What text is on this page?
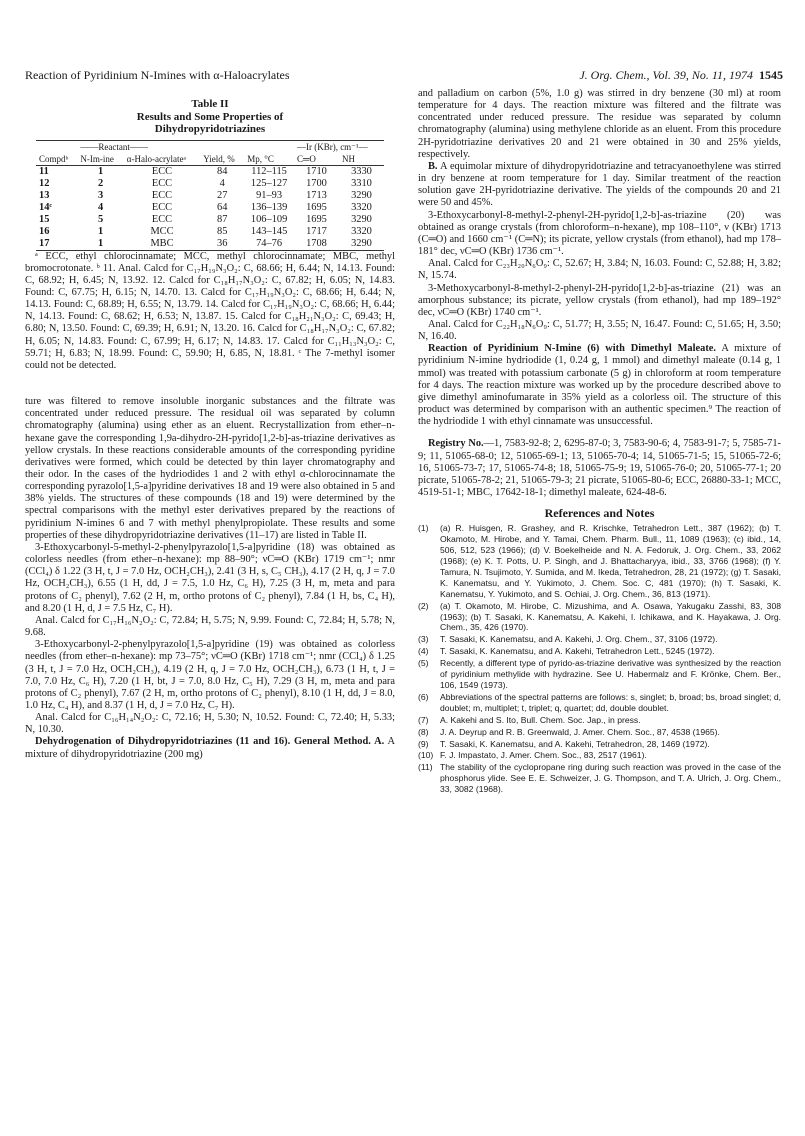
Reaction of Pyridinium N-Imines with α-Haloacrylates	J. Org. Chem., Vol. 39, No. 11, 1974 1545
Table II
Results and Some Properties of
Dihydropyridotriazines
	——Reactant——				—Ir (KBr), cm⁻¹—	
Compdᵇ	N-Im-ine	α-Halo-acrylateᵃ	Yield, %	Mp, °C	C═O	NH
11	1	ECC	84	112–115	1710	3330
12	2	ECC	4	125–127	1700	3310
13	3	ECC	27	91–93	1713	3290
14ᶜ	4	ECC	64	136–139	1695	3320
15	5	ECC	87	106–109	1695	3290
16	1	MCC	85	143–145	1717	3320
17	1	MBC	36	74–76	1708	3290

ᵃ ECC, ethyl chlorocinnamate; MCC, methyl chlorocinnamate; MBC, methyl bromocrotonate. ᵇ 11. Anal. Calcd for C₁₇H₁₉N₃O₂: C, 68.66; H, 6.44; N, 14.13. Found: C, 68.92; H, 6.45; N, 13.92. 12. Calcd for C₁₈H₁₇N₃O₂: C, 67.82; H, 6.05; N, 14.83. Found: C, 67.75; H, 6.15; N, 14.70. 13. Calcd for C₁₇H₁₉N₃O₂: C, 68.66; H, 6.44; N, 14.13. Found: C, 68.89; H, 6.55; N, 13.79. 14. Calcd for C₁₇H₁₉N₃O₂: C, 68.66; H, 6.44; N, 14.13. Found: C, 68.62; H, 6.53; N, 13.87. 15. Calcd for C₁₈H₂₁N₃O₂: C, 69.43; H, 6.80; N, 13.50. Found: C, 69.39; H, 6.91; N, 13.20. 16. Calcd for C₁₈H₁₇N₃O₂: C, 67.82; H, 6.05; N, 14.83. Found: C, 67.99; H, 6.17; N, 14.83. 17. Calcd for C₁₁H₁₃N₃O₂: C, 59.71; H, 6.83; N, 18.99. Found: C, 59.90; H, 6.85, N, 18.81. ᶜ The 7-methyl isomer could not be detected.

ture was filtered to remove insoluble inorganic substances and the filtrate was concentrated under reduced pressure. The residual oil was separated by column chromatography (alumina) using ether as an eluent. Recrystallization from ether–n-hexane gave the corresponding 1,9a-dihydro-2H-pyrido[1,2-b]-as-triazine derivatives as yellow crystals. In these reactions considerable amounts of the corresponding pyridine derivatives were formed, which could be detected by thin layer chromatography and their odor. In the cases of the hydriodides 1 and 2 with ethyl α-chlorocinnamate the corresponding pyrazolo[1,5-a]pyridine derivatives 18 and 19 were also obtained in 5 and 38% yields. The structures of these compounds (18 and 19) were determined by the spectral comparisons with the methyl ester derivatives prepared by the reactions of pyridinium N-imines 6 and 7 with methyl phenylpropiolate. These results and some properties of these dihydropyridotriazine derivatives (11–17) are listed in Table II.

3-Ethoxycarbonyl-5-methyl-2-phenylpyrazolo[1,5-a]pyridine (18) was obtained as colorless needles (from ether–n-hexane): mp 88–90°; νC═O (KBr) 1719 cm⁻¹; nmr (CCl₄) δ 1.22 (3 H, t, J = 7.0 Hz, OCH₂CH₃), 2.41 (3 H, s, C₅ CH₃), 4.17 (2 H, q, J = 7.0 Hz, OCH₂CH₃), 6.55 (1 H, dd, J = 7.5, 1.0 Hz, C₆ H), 7.25 (3 H, m, meta and para protons of C₂ phenyl), 7.62 (2 H, m, ortho protons of C₂ phenyl), 7.84 (1 H, bs, C₄ H), and 8.20 (1 H, d, J = 7.5 Hz, C₇ H).

Anal. Calcd for C₁₇H₁₆N₂O₂: C, 72.84; H, 5.75; N, 9.99. Found: C, 72.84; H, 5.78; N, 9.68.

3-Ethoxycarbonyl-2-phenylpyrazolo[1,5-a]pyridine (19) was obtained as colorless needles (from ether–n-hexane): mp 73–75°; νC═O (KBr) 1718 cm⁻¹; nmr (CCl₄) δ 1.25 (3 H, t, J = 7.0 Hz, OCH₂CH₃), 4.19 (2 H, q, J = 7.0 Hz, OCH₂CH₃), 6.73 (1 H, t, J = 7.0, 7.0 Hz, C₆ H), 7.20 (1 H, bt, J = 7.0, 8.0 Hz, C₅ H), 7.29 (3 H, m, meta and para protons of C₂ phenyl), 7.67 (2 H, m, ortho protons of C₂ phenyl), 8.10 (1 H, dd, J = 8.0, 1.0 Hz, C₄ H), and 8.37 (1 H, d, J = 7.0 Hz, C₇ H).

Anal. Calcd for C₁₆H₁₄N₂O₂: C, 72.16; H, 5.30; N, 10.52. Found: C, 72.40; H, 5.33; N, 10.30.

Dehydrogenation of Dihydropyridotriazines (11 and 16). General Method. A. A mixture of dihydropyridotriazine (200 mg)

and palladium on carbon (5%, 1.0 g) was stirred in dry benzene (30 ml) at room temperature for 4 days. The reaction mixture was filtered and the filtrate was concentrated under reduced pressure. The residue was separated by column chromatography (alumina) using methylene chloride as an eluent. From this procedure 2H-pyridotriazine derivatives 20 and 21 were obtained in 30 and 25% yields, respectively.

B. A equimolar mixture of dihydropyridotriazine and tetracyanoethylene was stirred in dry benzene at room temperature for 1 day. Similar treatment of the reaction solution gave 2H-pyridotriazine derivative. The yields of the compounds 20 and 21 were 50 and 45%.

3-Ethoxycarbonyl-8-methyl-2-phenyl-2H-pyrido[1,2-b]-as-triazine (20) was obtained as orange crystals (from chloroform–n-hexane), mp 108–110°, ν (KBr) 1713 (C═O) and 1660 cm⁻¹ (C═N); its picrate, yellow crystals (from ethanol), had mp 178–181° dec, νC═O (KBr) 1736 cm⁻¹.

Anal. Calcd for C₂₃H₂₀N₆O₉: C, 52.67; H, 3.84; N, 16.03. Found: C, 52.88; H, 3.82; N, 15.74.

3-Methoxycarbonyl-8-methyl-2-phenyl-2H-pyrido[1,2-b]-as-triazine (21) was an amorphous substance; its picrate, yellow crystals (from ethanol), had mp 189–192° dec, νC═O (KBr) 1740 cm⁻¹.

Anal. Calcd for C₂₂H₁₈N₆O₉: C, 51.77; H, 3.55; N, 16.47. Found: C, 51.65; H, 3.50; N, 16.40.

Reaction of Pyridinium N-Imine (6) with Dimethyl Maleate. A mixture of pyridinium N-imine hydriodide (1, 0.24 g, 1 mmol) and dimethyl maleate (0.14 g, 1 mmol) was treated with potassium carbonate (5 g) in chloroform at room temperature for 4 days. The reaction mixture was worked up by the procedure described above to give dimethyl aminofumarate in 35% yield as a colorless oil. The structure of this product was determined by comparison with an authentic specimen.⁹ The reaction of the hydriodide 1 with ethyl cinnamate was unsuccessful.

Registry No.—1, 7583-92-8; 2, 6295-87-0; 3, 7583-90-6; 4, 7583-91-7; 5, 7585-71-9; 11, 51065-68-0; 12, 51065-69-1; 13, 51065-70-4; 14, 51065-71-5; 15, 51065-72-6; 16, 51065-73-7; 17, 51065-74-8; 18, 51065-75-9; 19, 51065-76-0; 20, 51065-77-1; 20 picrate, 51065-78-2; 21, 51065-79-3; 21 picrate, 51065-80-6; ECC, 26880-33-1; MCC, 4519-51-1; MBC, 17642-18-1; dimethyl maleate, 624-48-6.

References and Notes
(1) (a) R. Huisgen, R. Grashey, and R. Krischke, Tetrahedron Lett., 387 (1962); (b) T. Okamoto, M. Hirobe, and Y. Tamai, Chem. Pharm. Bull., 11, 1089 (1963); (c) ibid., 14, 506, 512, 523 (1966); (d) V. Boekelheide and N. A. Fedoruk, J. Org. Chem., 33, 2062 (1968); (e) K. T. Potts, U. P. Singh, and J. Bhattacharyya, ibid., 33, 3766 (1968); (f) Y. Tamura, N. Tsujimoto, Y. Sumida, and M. Ikeda, Tetrahedron, 28, 21 (1972); (g) T. Sasaki, K. Kanematsu, and Y. Yukimoto, J. Chem. Soc. C, 481 (1970); (h) T. Sasaki, K. Kanematsu, Y. Yukimoto, and S. Ochiai, J. Org. Chem., 36, 813 (1971).
(2) (a) T. Okamoto, M. Hirobe, C. Mizushima, and A. Osawa, Yakugaku Zasshi, 83, 308 (1963); (b) T. Sasaki, K. Kanematsu, A. Kakehi, I. Ichikawa, and K. Hayakawa, J. Org. Chem., 35, 426 (1970).
(3) T. Sasaki, K. Kanematsu, and A. Kakehi, J. Org. Chem., 37, 3106 (1972).
(4) T. Sasaki, K. Kanematsu, and A. Kakehi, Tetrahedron Lett., 5245 (1972).
(5) Recently, a different type of pyrido-as-triazine derivative was synthesized by the reaction of pyridinium methylide with hydrazine. See U. Habermalz and F. Krönke, Chem. Ber., 106, 1549 (1973).
(6) Abbreviations of the spectral patterns are follows: s, singlet; b, broad; bs, broad singlet; d, doublet; m, multiplet; t, triplet; q, quartet; dd, double doublet.
(7) A. Kakehi and S. Ito, Bull. Chem. Soc. Jap., in press.
(8) J. A. Deyrup and R. B. Greenwald, J. Amer. Chem. Soc., 87, 4538 (1965).
(9) T. Sasaki, K. Kanematsu, and A. Kakehi, Tetrahedron, 28, 1469 (1972).
(10) F. J. Impastato, J. Amer. Chem. Soc., 83, 2517 (1961).
(11) The stability of the cyclopropane ring during such reaction was proved in the case of the phosphorus ylide. See E. E. Schweizer, J. G. Thompson, and T. A. Ulrich, J. Org. Chem., 33, 3082 (1968).
